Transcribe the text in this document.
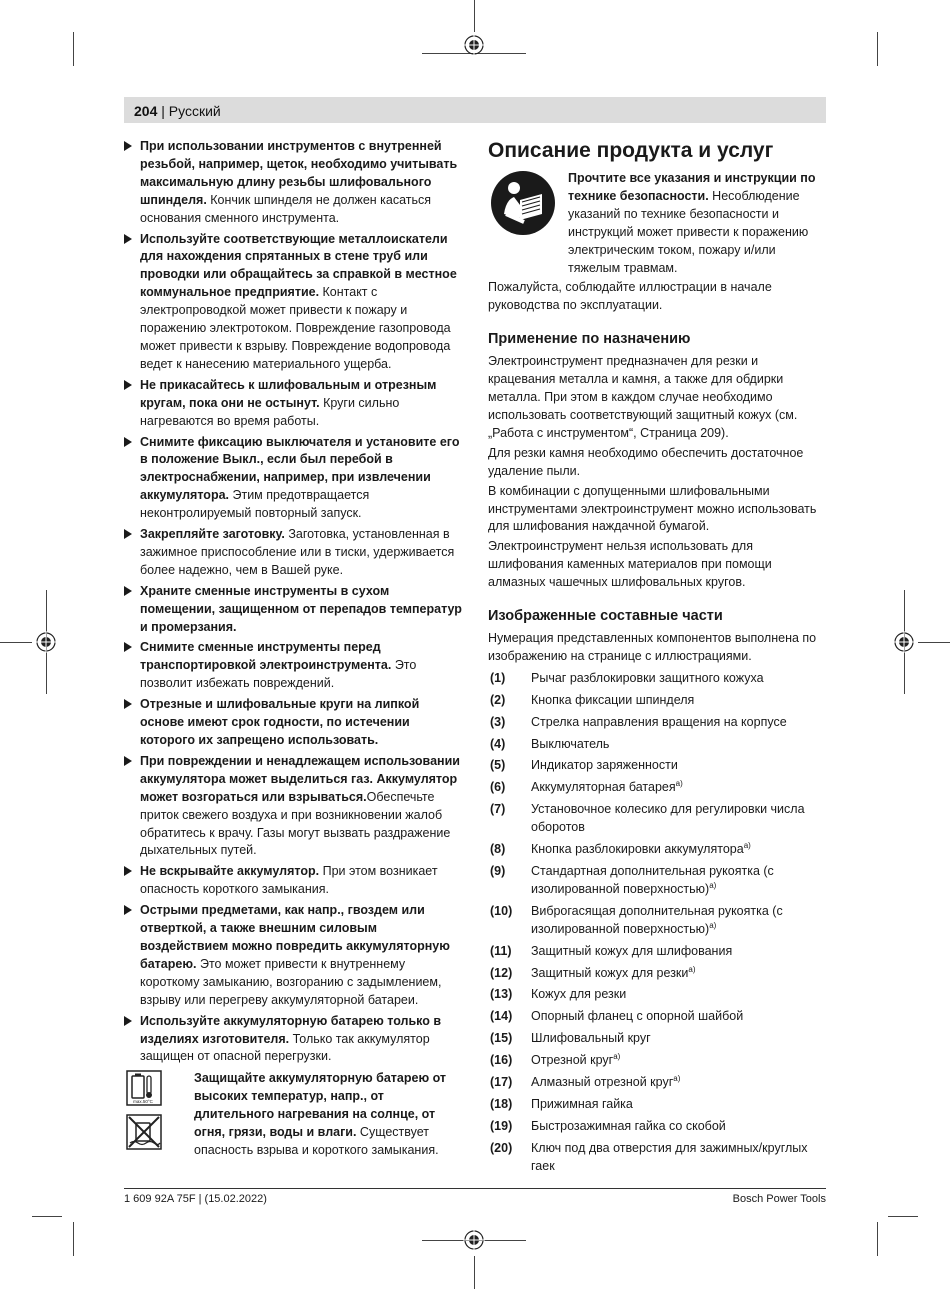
204 | Русский
При использовании инструментов с внутренней резьбой, например, щеток, необходимо учитывать максимальную длину резьбы шлифовального шпинделя. Кончик шпинделя не должен касаться основания сменного инструмента.
Используйте соответствующие металлоискатели для нахождения спрятанных в стене труб или проводки или обращайтесь за справкой в местное коммунальное предприятие. Контакт с электропроводкой может привести к пожару и поражению электротоком. Повреждение газопровода может привести к взрыву. Повреждение водопровода ведет к нанесению материального ущерба.
Не прикасайтесь к шлифовальным и отрезным кругам, пока они не остынут. Круги сильно нагреваются во время работы.
Снимите фиксацию выключателя и установите его в положение Выкл., если был перебой в электроснабжении, например, при извлечении аккумулятора. Этим предотвращается неконтролируемый повторный запуск.
Закрепляйте заготовку. Заготовка, установленная в зажимное приспособление или в тиски, удерживается более надежно, чем в Вашей руке.
Храните сменные инструменты в сухом помещении, защищенном от перепадов температур и промерзания.
Снимите сменные инструменты перед транспортировкой электроинструмента. Это позволит избежать повреждений.
Отрезные и шлифовальные круги на липкой основе имеют срок годности, по истечении которого их запрещено использовать.
При повреждении и ненадлежащем использовании аккумулятора может выделиться газ. Аккумулятор может возгораться или взрываться.Обеспечьте приток свежего воздуха и при возникновении жалоб обратитесь к врачу. Газы могут вызвать раздражение дыхательных путей.
Не вскрывайте аккумулятор. При этом возникает опасность короткого замыкания.
Острыми предметами, как напр., гвоздем или отверткой, а также внешним силовым воздействием можно повредить аккумуляторную батарею. Это может привести к внутреннему короткому замыканию, возгоранию с задымлением, взрыву или перегреву аккумуляторной батареи.
Используйте аккумуляторную батарею только в изделиях изготовителя. Только так аккумулятор защищен от опасной перегрузки.
max.50°C

Защищайте аккумуляторную батарею от высоких температур, напр., от длительного нагревания на солнце, от огня, грязи, воды и влаги. Существует опасность взрыва и короткого замыкания.
Описание продукта и услуг
Прочтите все указания и инструкции по технике безопасности. Несоблюдение указаний по технике безопасности и инструкций может привести к поражению электрическим током, пожару и/или тяжелым травмам.
Пожалуйста, соблюдайте иллюстрации в начале руководства по эксплуатации.
Применение по назначению
Электроинструмент предназначен для резки и крацевания металла и камня, а также для обдирки металла. При этом в каждом случае необходимо использовать соответствующий защитный кожух (см. „Работа с инструментом“, Страница 209).
Для резки камня необходимо обеспечить достаточное удаление пыли.
В комбинации с допущенными шлифовальными инструментами электроинструмент можно использовать для шлифования наждачной бумагой.
Электроинструмент нельзя использовать для шлифования каменных материалов при помощи алмазных чашечных шлифовальных кругов.
Изображенные составные части
Нумерация представленных компонентов выполнена по изображению на странице с иллюстрациями.
(1) Рычаг разблокировки защитного кожуха
(2) Кнопка фиксации шпинделя
(3) Стрелка направления вращения на корпусе
(4) Выключатель
(5) Индикатор заряженности
(6) Аккумуляторная батарея$^{a)}$
(7) Установочное колесико для регулировки числа оборотов
(8) Кнопка разблокировки аккумулятора$^{a)}$
(9) Стандартная дополнительная рукоятка (с изолированной поверхностью)$^{a)}$
(10) Виброгасящая дополнительная рукоятка (с изолированной поверхностью)$^{a)}$
(11) Защитный кожух для шлифования
(12) Защитный кожух для резки$^{a)}$
(13) Кожух для резки
(14) Опорный фланец с опорной шайбой
(15) Шлифовальный круг
(16) Отрезной круг$^{a)}$
(17) Алмазный отрезной круг$^{a)}$
(18) Прижимная гайка
(19) Быстрозажимная гайка со скобой
(20) Ключ под два отверстия для зажимных/круглых гаек
1 609 92A 75F | (15.02.2022)	Bosch Power Tools
